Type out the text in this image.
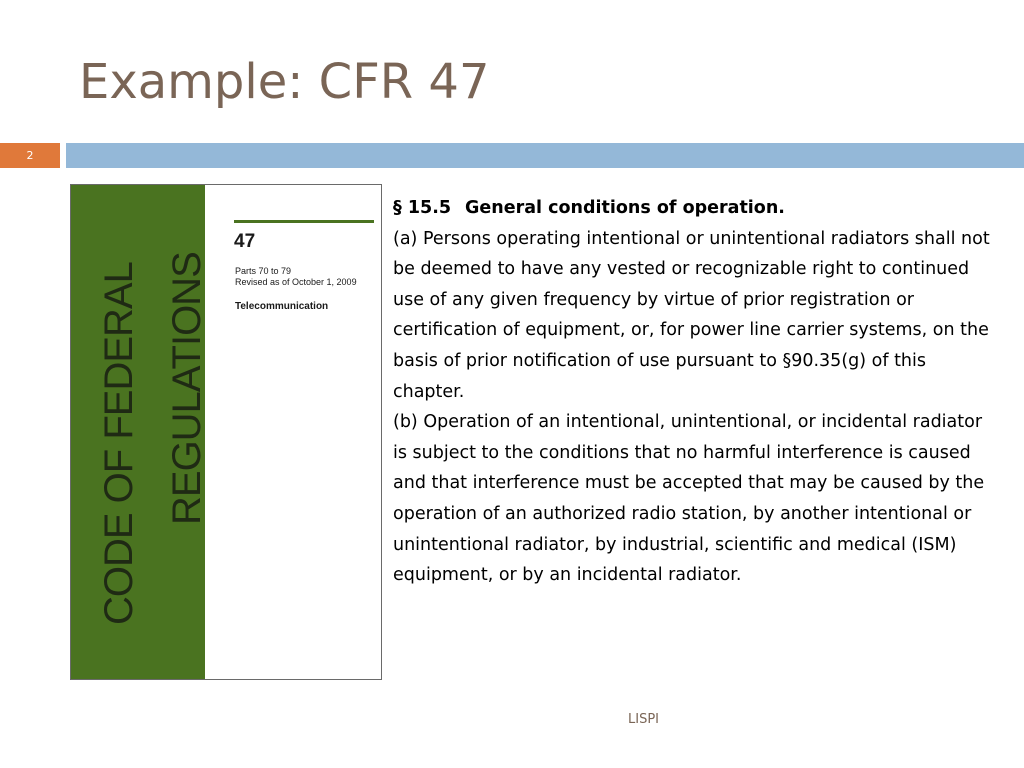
Example: CFR 47
2
CODE OF FEDERAL REGULATIONS
47
Parts 70 to 79
Revised as of October 1, 2009
Telecommunication

§ 15.5 General conditions of operation.

(a) Persons operating intentional or unintentional radiators shall not be deemed to have any vested or recognizable right to continued use of any given frequency by virtue of prior registration or certification of equipment, or, for power line carrier systems, on the basis of prior notification of use pursuant to §90.35(g) of this chapter.

(b) Operation of an intentional, unintentional, or incidental radiator is subject to the conditions that no harmful interference is caused and that interference must be accepted that may be caused by the operation of an authorized radio station, by another intentional or unintentional radiator, by industrial, scientific and medical (ISM) equipment, or by an incidental radiator.

LISPI
